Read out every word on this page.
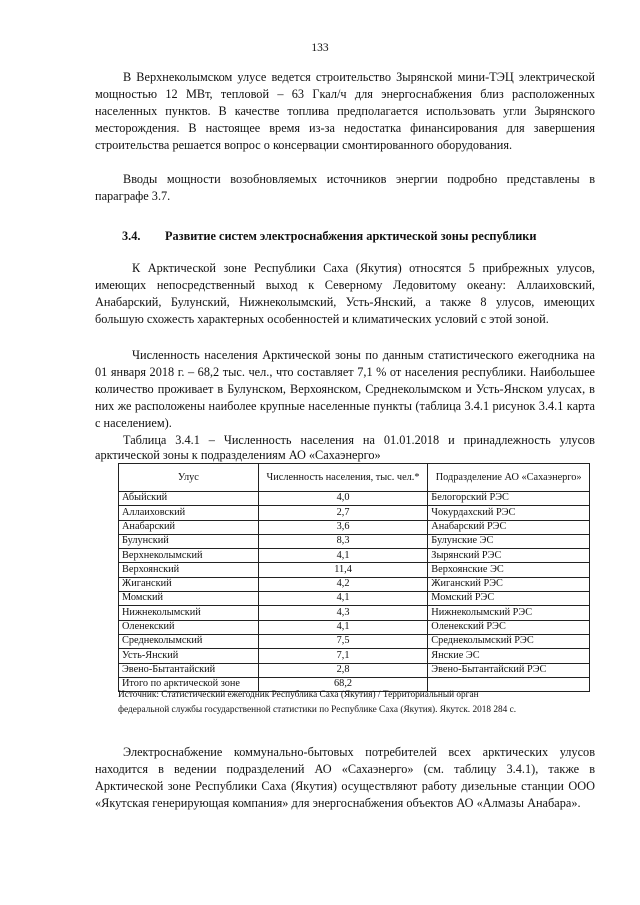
133

В Верхнеколымском улусе ведется строительство Зырянской мини-ТЭЦ электрической мощностью 12 МВт, тепловой – 63 Гкал/ч для энергоснабжения близ расположенных населенных пунктов. В качестве топлива предполагается использовать угли Зырянского месторождения. В настоящее время из-за недостатка финансирования для завершения строительства решается вопрос о консервации смонтированного оборудования.

Вводы мощности возобновляемых источников энергии подробно представлены в параграфе 3.7.

3.4. Развитие систем электроснабжения арктической зоны республики

К Арктической зоне Республики Саха (Якутия) относятся 5 прибрежных улусов, имеющих непосредственный выход к Северному Ледовитому океану: Аллаиховский, Анабарский, Булунский, Нижнеколымский, Усть-Янский, а также 8 улусов, имеющих большую схожесть характерных особенностей и климатических условий с этой зоной.

Численность населения Арктической зоны по данным статистического ежегодника на 01 января 2018 г. – 68,2 тыс. чел., что составляет 7,1 % от населения республики. Наибольшее количество проживает в Булунском, Верхоянском, Среднеколымском и Усть-Янском улусах, в них же расположены наиболее крупные населенные пункты (таблица 3.4.1 рисунок 3.4.1 карта с населением).

Таблица 3.4.1 – Численность населения на 01.01.2018 и принадлежность улусов арктической зоны к подразделениям АО «Сахаэнерго»

Улус	Численность населения, тыс. чел.*	Подразделение АО «Сахаэнерго»
Абыйский	4,0	Белогорский РЭС
Аллаиховский	2,7	Чокурдахский РЭС
Анабарский	3,6	Анабарский РЭС
Булунский	8,3	Булунские ЭС
Верхнеколымский	4,1	Зырянский РЭС
Верхоянский	11,4	Верхоянские ЭС
Жиганский	4,2	Жиганский РЭС
Момский	4,1	Момский РЭС
Нижнеколымский	4,3	Нижнеколымский РЭС
Оленекский	4,1	Оленекский РЭС
Среднеколымский	7,5	Среднеколымский РЭС
Усть-Янский	7,1	Янские ЭС
Эвено-Бытантайский	2,8	Эвено-Бытантайский РЭС
Итого по арктической зоне	68,2	

Источник: Статистический ежегодник Республика Саха (Якутия) / Территориальный орган
федеральной службы государственной статистики по Республике Саха (Якутия). Якутск. 2018 284 с.

Электроснабжение коммунально-бытовых потребителей всех арктических улусов находится в ведении подразделений АО «Сахаэнерго» (см. таблицу 3.4.1), также в Арктической зоне Республики Саха (Якутия) осуществляют работу дизельные станции ООО «Якутская генерирующая компания» для энергоснабжения объектов АО «Алмазы Анабара».
